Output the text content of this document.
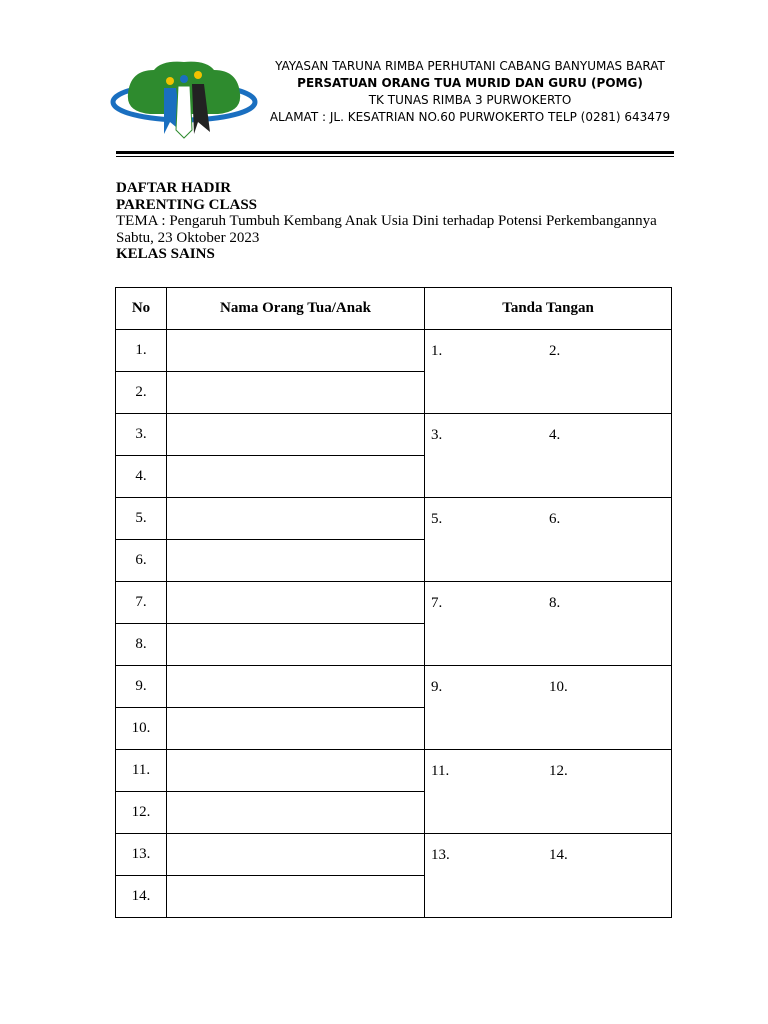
YAYASAN TARUNA RIMBA PERHUTANI CABANG BANYUMAS BARAT
PERSATUAN ORANG TUA MURID DAN GURU (POMG)
TK TUNAS RIMBA 3 PURWOKERTO
ALAMAT : JL. KESATRIAN NO.60 PURWOKERTO TELP (0281) 643479
DAFTAR HADIR
PARENTING CLASS
TEMA : Pengaruh Tumbuh Kembang Anak Usia Dini terhadap Potensi Perkembangannya
Sabtu, 23 Oktober 2023
KELAS SAINS
No	Nama Orang Tua/Anak	Tanda Tangan
1.		1. 2.

2.		
3.		3. 4.

4.		
5.		5. 6.

6.		
7.		7. 8.

8.		
9.		9. 10.

10.		
11.		11. 12.

12.		
13.		13. 14.

14.		
